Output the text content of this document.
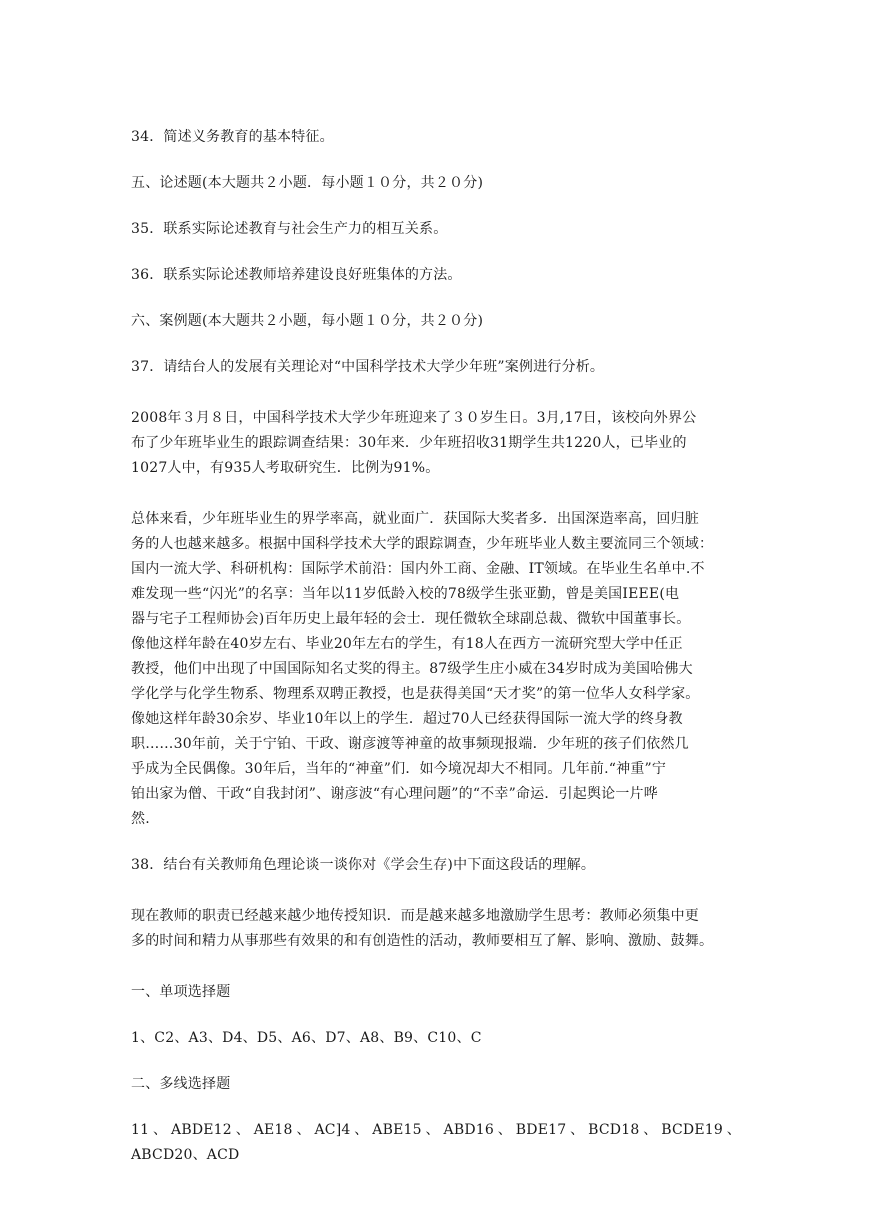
34．简述义务教育的基本特征。

五、论述题(本大题共２小题．每小题１０分，共２０分)

35．联系实际论述教育与社会生产力的相互关系。

36．联系实际论述教师培养建设良好班集体的方法。

六、案例题(本大题共２小题，每小题１０分，共２０分)

37．请结台人的发展有关理论对“中国科学技术大学少年班”案例进行分析。

2008年３月８日，中国科学技术大学少年班迎来了３０岁生日。3月,17日，该校向外界公
布了少年班毕业生的跟踪调查结果：30年来．少年班招收31期学生共1220人，已毕业的
1027人中，有935人考取研究生．比例为91%。

总体来看，少年班毕业生的界学率高，就业面广．获国际大奖者多．出国深造率高，回归脏
务的人也越来越多。根据中国科学技术大学的跟踪调查，少年班毕业人数主要流同三个领域：
国内一流大学、科研机构：国际学术前沿：国内外工商、金融、IT领域。在毕业生名单中.不
难发现一些“闪光”的名享：当年以11岁低龄入校的78级学生张亚勤，曾是美国IEEE(电
器与宅子工程师协会)百年历史上最年轻的会士．现任微软全球副总裁、微软中国董事长。
像他这样年龄在40岁左右、毕业20年左右的学生，有18人在西方一流研究型大学中任正
教授，他们中出现了中国国际知名丈奖的得主。87级学生庄小威在34岁时成为美国哈佛大
学化学与化学生物系、物理系双聘正教授，也是获得美国“天才奖”的第一位华人女科学家。
像她这样年龄30余岁、毕业10年以上的学生．超过70人已经获得国际一流大学的终身教
职……30年前，关于宁铂、干政、谢彦渡等神童的故事频现报端．少年班的孩子们依然几
乎成为全民偶像。30年后，当年的“神童”们．如今境况却大不相同。几年前.“神重”宁
铂出家为僧、干政“自我封闭”、谢彦波“有心理问题”的“不幸”命运．引起舆论一片哗
然.

38．结台有关教师角色理论谈一谈你对《学会生存)中下面这段话的理解。

现在教师的职责已经越来越少地传授知识．而是越来越多地激励学生思考：教师必须集中更
多的时间和精力从事那些有效果的和有创造性的活动，教师要相互了解、影响、激励、鼓舞。

一、单项选择题

1、C2、A3、D4、D5、A6、D7、A8、B9、C10、C

二、多线选择题

11、ABDE12、AE18、AC]4、ABE15、ABD16、BDE17、BCD18、BCDE19、ABCD20、ACD
